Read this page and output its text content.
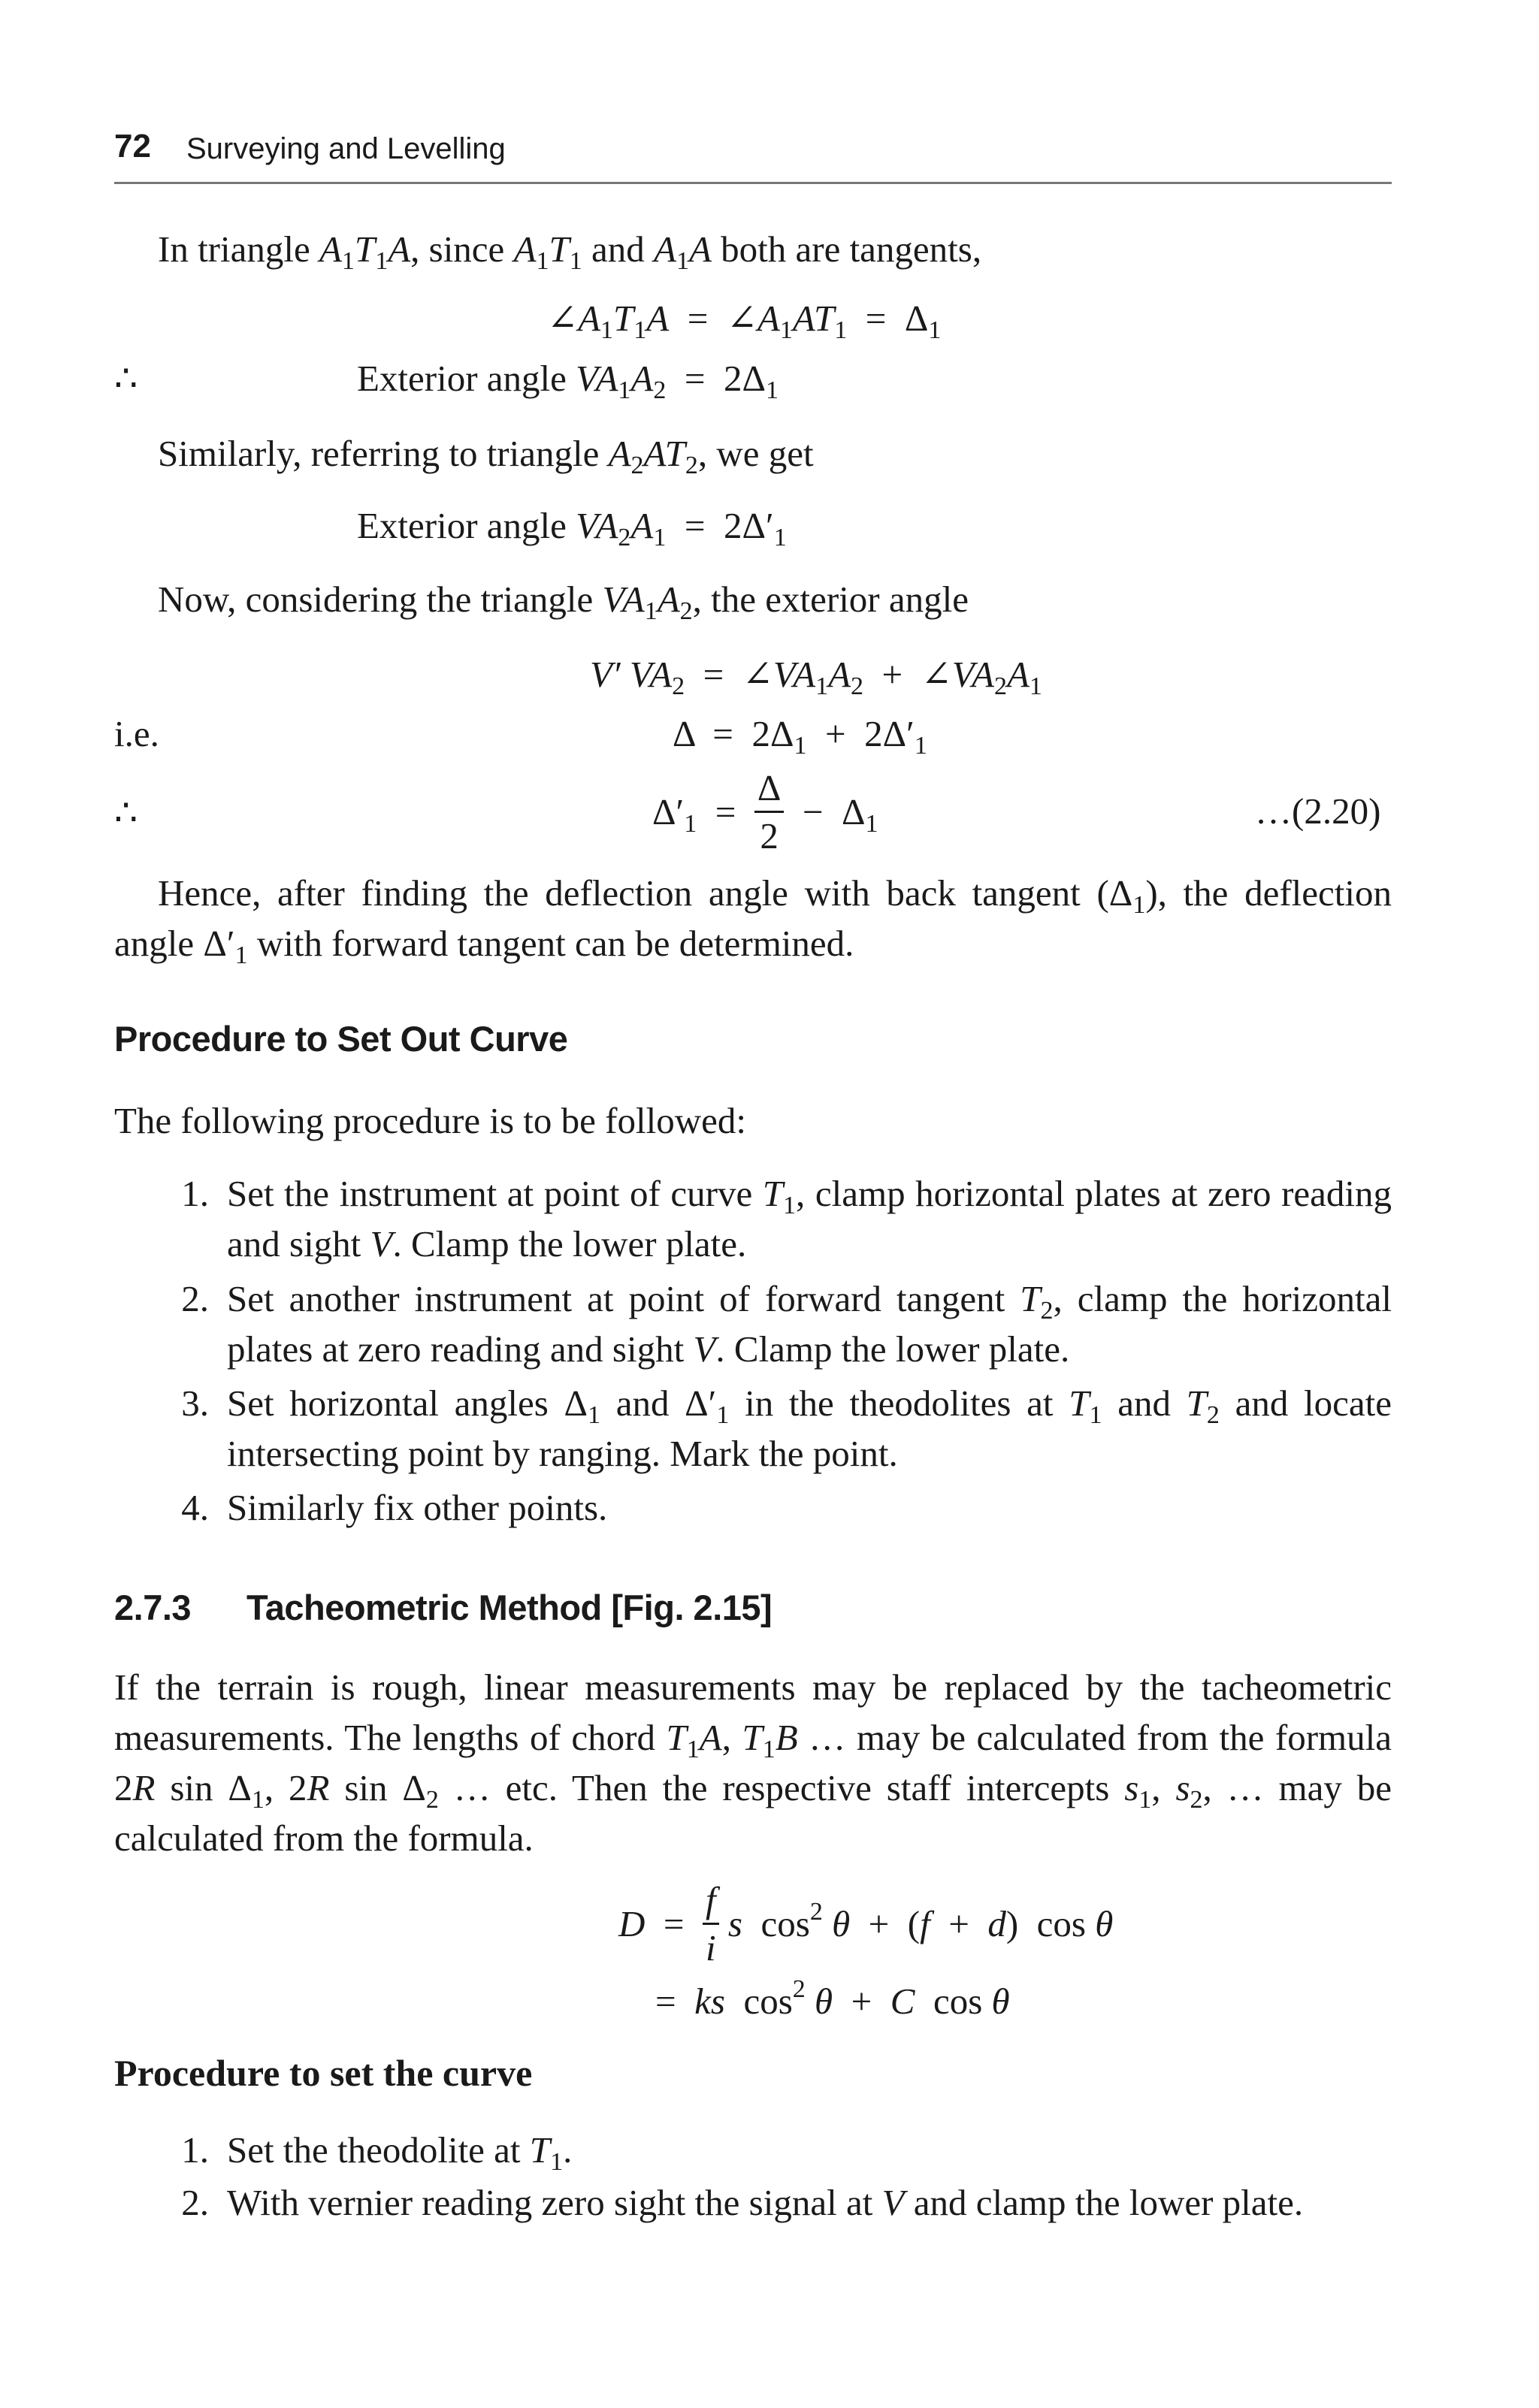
72 Surveying and Levelling
In triangle $A_1T_1A$, since $A_1T_1$ and $A_1A$ both are tangents,
$\angle A_1T_1A$  =  $\angle A_1AT_1 = \Delta_1$
∴	Exterior angle $VA_1A_2 = 2\Delta_1$
Similarly, referring to triangle $A_2AT_2$, we get
Exterior angle $VA_2A_1 = 2\Delta'_1$
Now, considering the triangle $VA_1A_2$, the exterior angle
V′ $VA_2$  =  $\angle VA_1A_2$  +  $\angle VA_2A_1$
i.e.	$\Delta = 2\Delta_1 + 2\Delta'_1$
∴	$\Delta'_1 = \frac{\Delta}{2} - \Delta_1$	…(2.20)
Hence, after finding the deflection angle with back tangent $(\Delta_1)$, the deflection angle $\Delta'_1$ with forward tangent can be determined.
Procedure to Set Out Curve
The following procedure is to be followed:
1. Set the instrument at point of curve $T_1$, clamp horizontal plates at zero reading and sight V. Clamp the lower plate.
2. Set another instrument at point of forward tangent $T_2$, clamp the horizontal plates at zero reading and sight V. Clamp the lower plate.
3. Set horizontal angles $\Delta_1$ and $\Delta'_1$ in the theodolites at $T_1$ and $T_2$ and locate intersecting point by ranging. Mark the point.
4. Similarly fix other points.
2.7.3 Tacheometric Method [Fig. 2.15]
If the terrain is rough, linear measurements may be replaced by the tacheometric measurements. The lengths of chord $T_1A$, $T_1B$ … may be calculated from the formula 2R $\sin \Delta_1$, 2R $\sin \Delta_2$ … etc. Then the respective staff intercepts $s_1$, $s_2$, … may be calculated from the formula.
$D = \frac{f}{i}$ s  $\cos^2 \theta + (f + d)$  cos θ
=  ks  $\cos^2 \theta + C$  cos θ
Procedure to set the curve
1. Set the theodolite at $T_1$.
2. With vernier reading zero sight the signal at V and clamp the lower plate.
